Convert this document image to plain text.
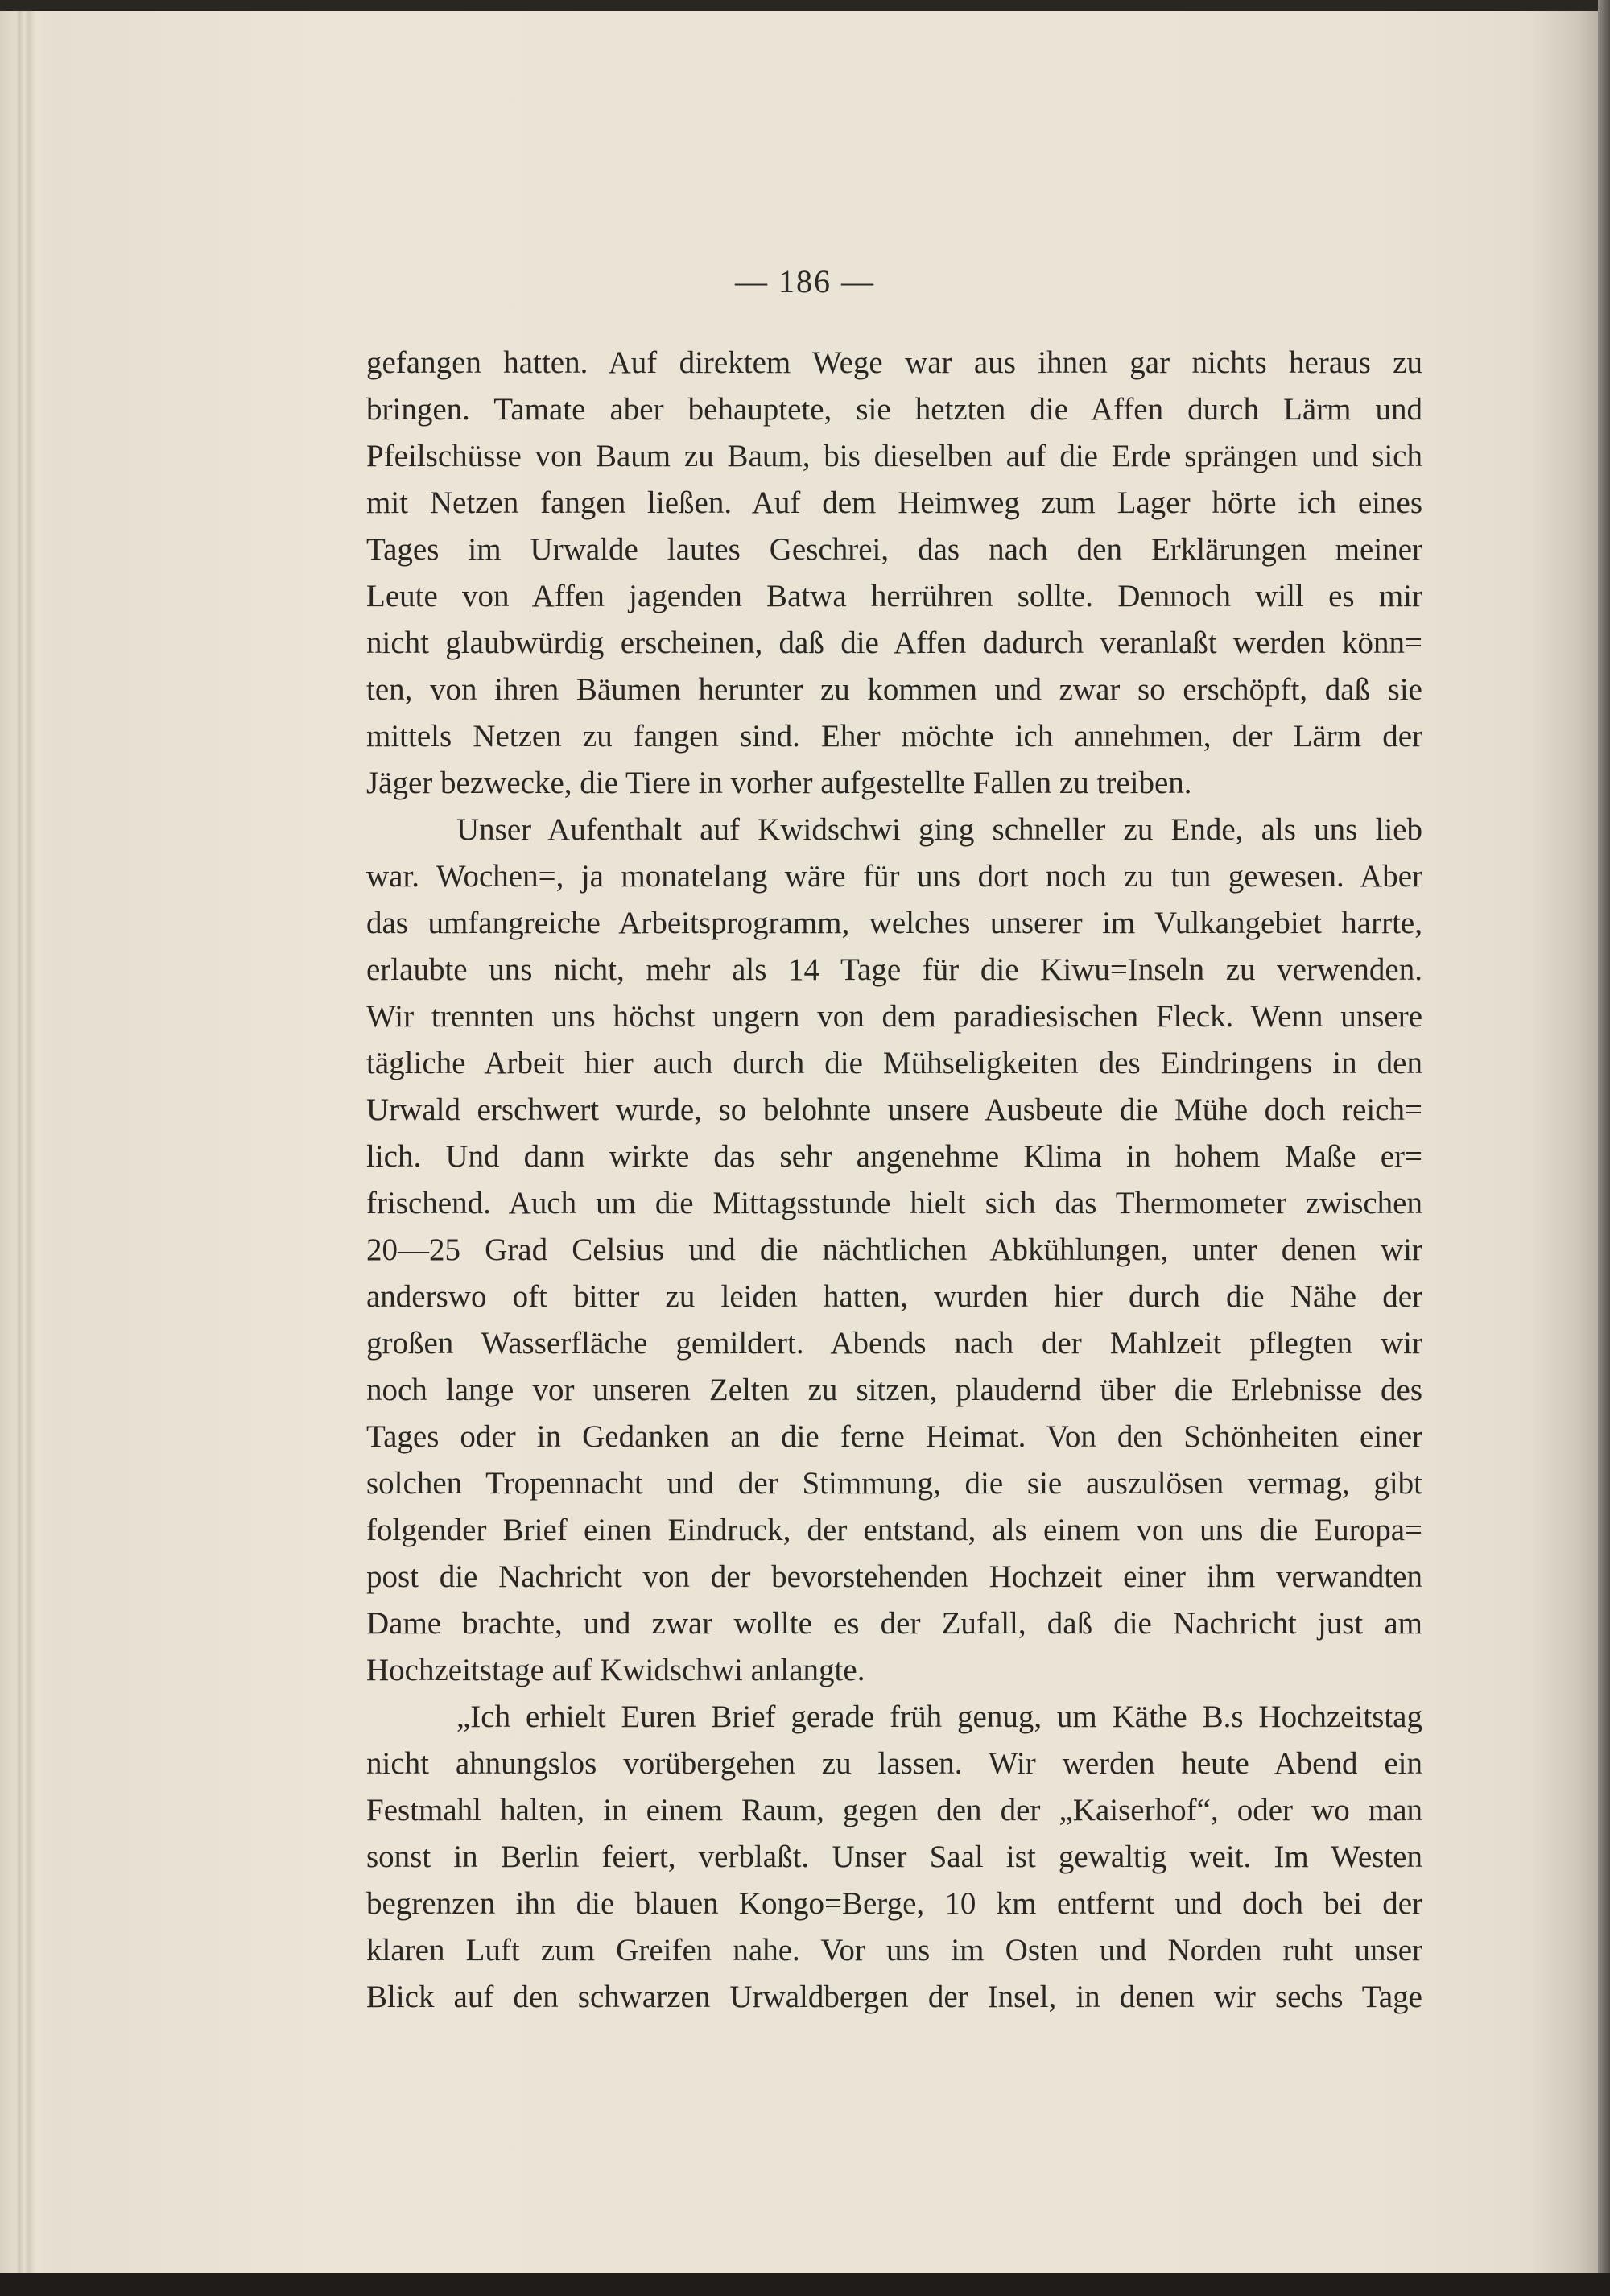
— 186 —
gefangen hatten. Auf direktem Wege war aus ihnen gar nichts heraus zu
bringen. Tamate aber behauptete, sie hetzten die Affen durch Lärm und
Pfeilschüsse von Baum zu Baum, bis dieselben auf die Erde sprängen und sich
mit Netzen fangen ließen. Auf dem Heimweg zum Lager hörte ich eines
Tages im Urwalde lautes Geschrei, das nach den Erklärungen meiner
Leute von Affen jagenden Batwa herrühren sollte. Dennoch will es mir
nicht glaubwürdig erscheinen, daß die Affen dadurch veranlaßt werden könn=
ten, von ihren Bäumen herunter zu kommen und zwar so erschöpft, daß sie
mittels Netzen zu fangen sind. Eher möchte ich annehmen, der Lärm der
Jäger bezwecke, die Tiere in vorher aufgestellte Fallen zu treiben.
Unser Aufenthalt auf Kwidschwi ging schneller zu Ende, als uns lieb
war. Wochen=, ja monatelang wäre für uns dort noch zu tun gewesen. Aber
das umfangreiche Arbeitsprogramm, welches unserer im Vulkangebiet harrte,
erlaubte uns nicht, mehr als 14 Tage für die Kiwu=Inseln zu verwenden.
Wir trennten uns höchst ungern von dem paradiesischen Fleck. Wenn unsere
tägliche Arbeit hier auch durch die Mühseligkeiten des Eindringens in den
Urwald erschwert wurde, so belohnte unsere Ausbeute die Mühe doch reich=
lich. Und dann wirkte das sehr angenehme Klima in hohem Maße er=
frischend. Auch um die Mittagsstunde hielt sich das Thermometer zwischen
20—25 Grad Celsius und die nächtlichen Abkühlungen, unter denen wir
anderswo oft bitter zu leiden hatten, wurden hier durch die Nähe der
großen Wasserfläche gemildert. Abends nach der Mahlzeit pflegten wir
noch lange vor unseren Zelten zu sitzen, plaudernd über die Erlebnisse des
Tages oder in Gedanken an die ferne Heimat. Von den Schönheiten einer
solchen Tropennacht und der Stimmung, die sie auszulösen vermag, gibt
folgender Brief einen Eindruck, der entstand, als einem von uns die Europa=
post die Nachricht von der bevorstehenden Hochzeit einer ihm verwandten
Dame brachte, und zwar wollte es der Zufall, daß die Nachricht just am
Hochzeitstage auf Kwidschwi anlangte.
„Ich erhielt Euren Brief gerade früh genug, um Käthe B.s Hochzeitstag
nicht ahnungslos vorübergehen zu lassen. Wir werden heute Abend ein
Festmahl halten, in einem Raum, gegen den der „Kaiserhof“, oder wo man
sonst in Berlin feiert, verblaßt. Unser Saal ist gewaltig weit. Im Westen
begrenzen ihn die blauen Kongo=Berge, 10 km entfernt und doch bei der
klaren Luft zum Greifen nahe. Vor uns im Osten und Norden ruht unser
Blick auf den schwarzen Urwaldbergen der Insel, in denen wir sechs Tage
